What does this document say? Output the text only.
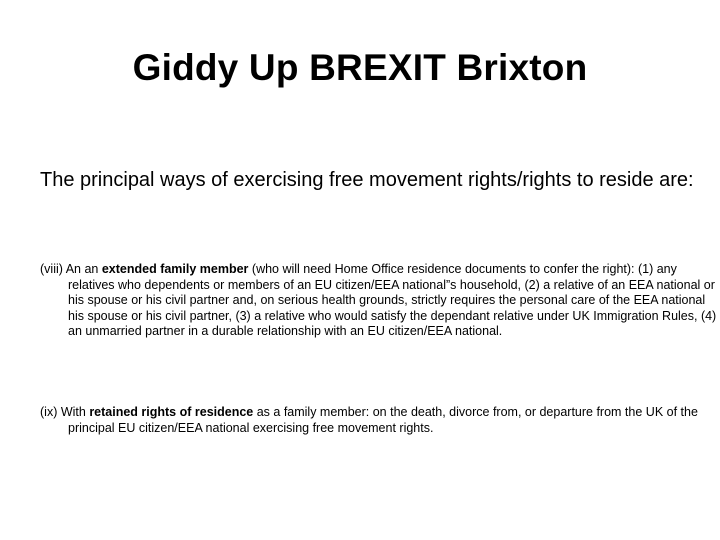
Giddy Up BREXIT Brixton
The principal ways of exercising free movement rights/rights to reside are:
(viii) An an extended family member (who will need Home Office residence documents to confer the right): (1) any relatives who dependents or members of an EU citizen/EEA national”s household, (2) a relative of an EEA national or his spouse or his civil partner and, on serious health grounds, strictly requires the personal care of the EEA national his spouse or his civil partner, (3) a relative who would satisfy the dependant relative under UK Immigration Rules, (4) an unmarried partner in a durable relationship with an EU citizen/EEA national.
(ix) With retained rights of residence as a family member: on the death, divorce from, or departure from the UK of the principal EU citizen/EEA national exercising free movement rights.
